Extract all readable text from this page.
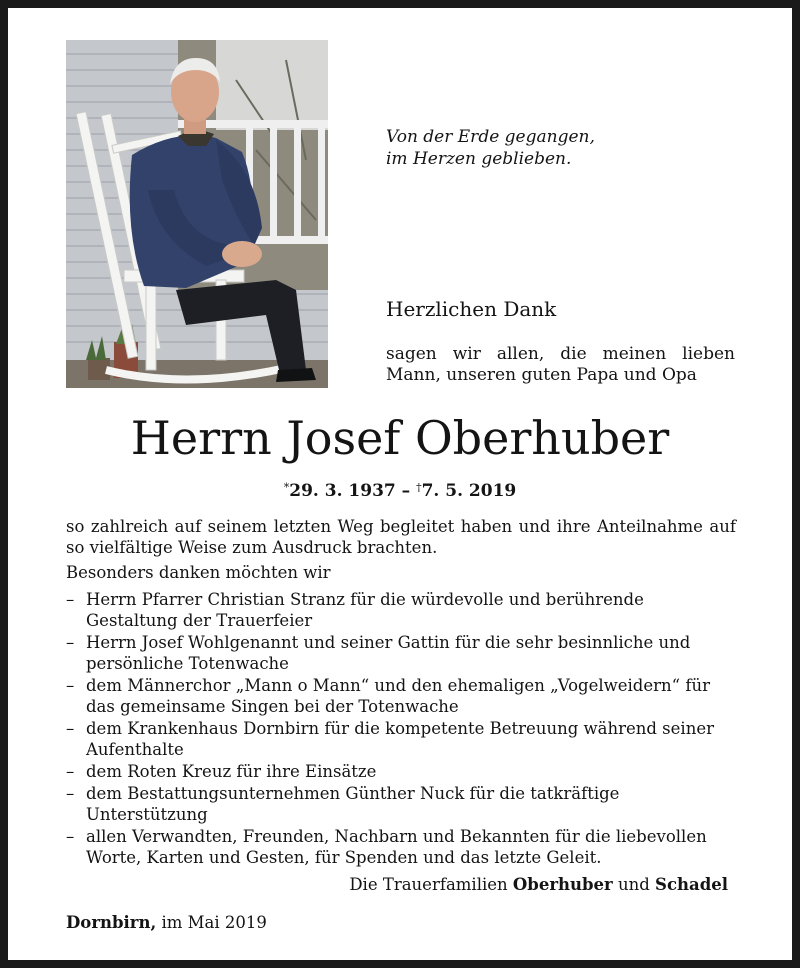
Von der Erde gegangen,
im Herzen geblieben.
Herzlichen Dank
sagen wir allen, die meinen lieben Mann, unseren guten Papa und Opa
Herrn Josef Oberhuber
*29. 3. 1937 – †7. 5. 2019

so zahlreich auf seinem letzten Weg begleitet haben und ihre Anteilnahme auf so vielfältige Weise zum Ausdruck brachten.

Besonders danken möchten wir

– Herrn Pfarrer Christian Stranz für die würdevolle und berührende Gestaltung der Trauerfeier
– Herrn Josef Wohlgenannt und seiner Gattin für die sehr besinnliche und persönliche Totenwache
– dem Männerchor „Mann o Mann“ und den ehemaligen „Vogelweidern“ für das gemeinsame Singen bei der Totenwache
– dem Krankenhaus Dornbirn für die kompetente Betreuung während seiner Aufenthalte
– dem Roten Kreuz für ihre Einsätze
– dem Bestattungsunternehmen Günther Nuck für die tatkräftige Unterstützung
– allen Verwandten, Freunden, Nachbarn und Bekannten für die liebevollen Worte, Karten und Gesten, für Spenden und das letzte Geleit.
Die Trauerfamilien Oberhuber und Schadel
Dornbirn, im Mai 2019
